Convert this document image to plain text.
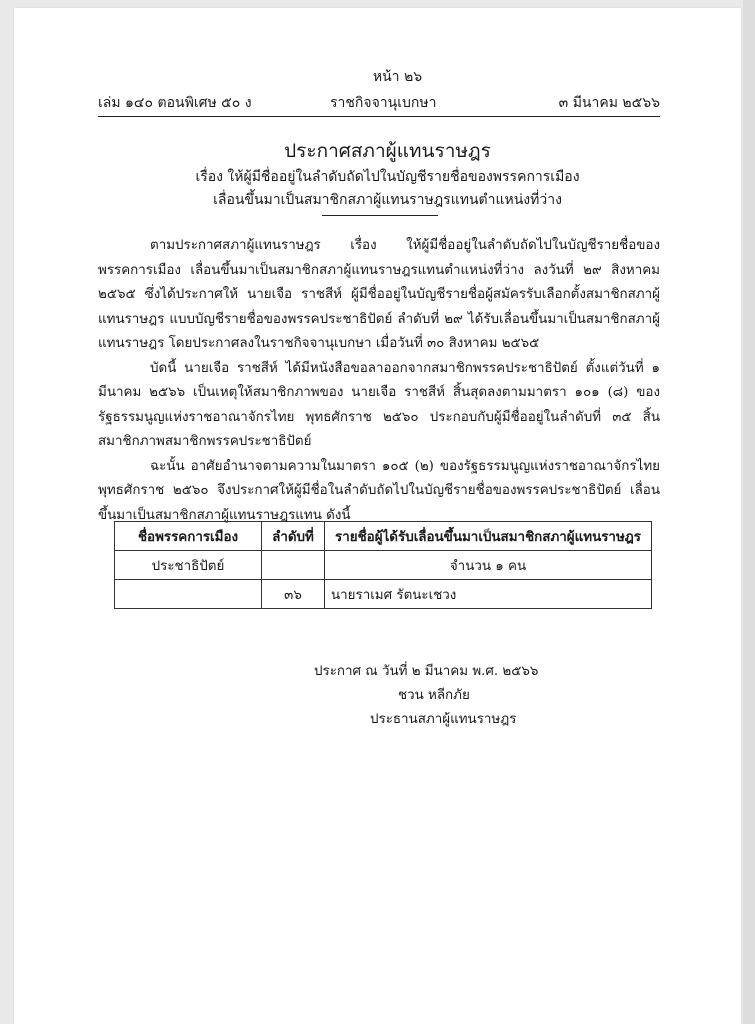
หน้า ๒๖
เล่ม ๑๔๐ ตอนพิเศษ ๕๐ ง	ราชกิจจานุเบกษา	๓ มีนาคม ๒๕๖๖
ประกาศสภาผู้แทนราษฎร
เรื่อง ให้ผู้มีชื่ออยู่ในลำดับถัดไปในบัญชีรายชื่อของพรรคการเมือง
เลื่อนขึ้นมาเป็นสมาชิกสภาผู้แทนราษฎรแทนตำแหน่งที่ว่าง

ตามประกาศสภาผู้แทนราษฎร เรื่อง ให้ผู้มีชื่ออยู่ในลำดับถัดไปในบัญชีรายชื่อของพรรคการเมือง เลื่อนขึ้นมาเป็นสมาชิกสภาผู้แทนราษฎรแทนตำแหน่งที่ว่าง ลงวันที่ ๒๙ สิงหาคม ๒๕๖๕ ซึ่งได้ประกาศให้ นายเจือ ราชสีห์ ผู้มีชื่ออยู่ในบัญชีรายชื่อผู้สมัครรับเลือกตั้งสมาชิกสภาผู้แทนราษฎร แบบบัญชีรายชื่อของพรรคประชาธิปัตย์ ลำดับที่ ๒๙ ได้รับเลื่อนขึ้นมาเป็นสมาชิกสภาผู้แทนราษฎร โดยประกาศลงในราชกิจจานุเบกษา เมื่อวันที่ ๓๐ สิงหาคม ๒๕๖๕

บัดนี้ นายเจือ ราชสีห์ ได้มีหนังสือขอลาออกจากสมาชิกพรรคประชาธิปัตย์ ตั้งแต่วันที่ ๑ มีนาคม ๒๕๖๖ เป็นเหตุให้สมาชิกภาพของ นายเจือ ราชสีห์ สิ้นสุดลงตามมาตรา ๑๐๑ (๘) ของรัฐธรรมนูญแห่งราชอาณาจักรไทย พุทธศักราช ๒๕๖๐ ประกอบกับผู้มีชื่ออยู่ในลำดับที่ ๓๕ สิ้นสมาชิกภาพสมาชิกพรรคประชาธิปัตย์

ฉะนั้น อาศัยอำนาจตามความในมาตรา ๑๐๕ (๒) ของรัฐธรรมนูญแห่งราชอาณาจักรไทย พุทธศักราช ๒๕๖๐ จึงประกาศให้ผู้มีชื่อในลำดับถัดไปในบัญชีรายชื่อของพรรคประชาธิปัตย์ เลื่อนขึ้นมาเป็นสมาชิกสภาผู้แทนราษฎรแทน ดังนี้

ชื่อพรรคการเมือง	ลำดับที่	รายชื่อผู้ได้รับเลื่อนขึ้นมาเป็นสมาชิกสภาผู้แทนราษฎร
ประชาธิปัตย์		จำนวน ๑ คน
	๓๖	นายราเมศ รัตนะเชวง
ประกาศ ณ วันที่ ๒ มีนาคม พ.ศ. ๒๕๖๖
ชวน หลีกภัย
ประธานสภาผู้แทนราษฎร
